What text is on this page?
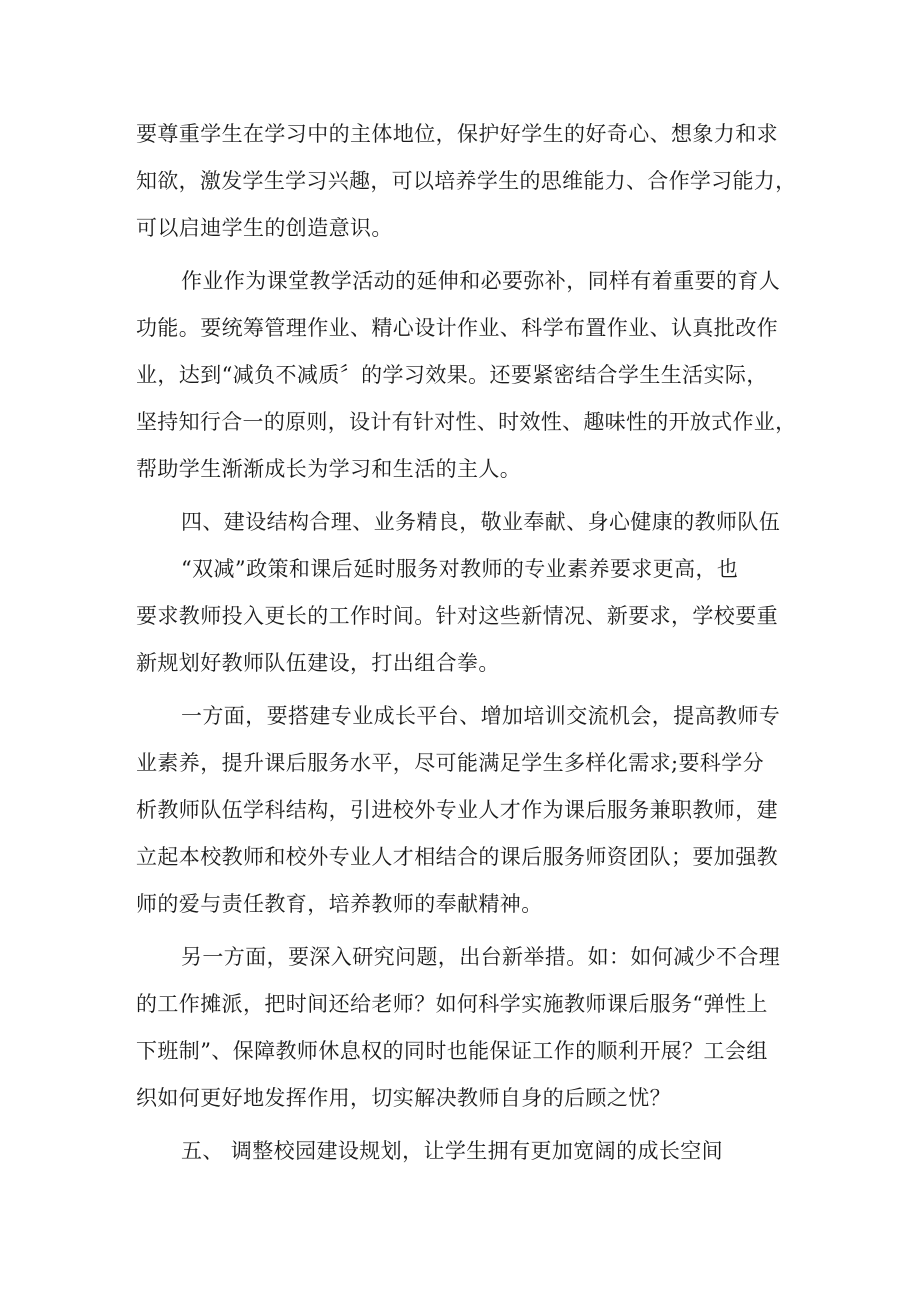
要尊重学生在学习中的主体地位，保护好学生的好奇心、想象力和求
知欲，激发学生学习兴趣，可以培养学生的思维能力、合作学习能力，
可以启迪学生的创造意识。
作业作为课堂教学活动的延伸和必要弥补，同样有着重要的育人
功能。要统筹管理作业、精心设计作业、科学布置作业、认真批改作
业，达到“减负不减质〞的学习效果。还要紧密结合学生生活实际，
坚持知行合一的原则，设计有针对性、时效性、趣味性的开放式作业，
帮助学生渐渐成长为学习和生活的主人。
四、建设结构合理、业务精良，敬业奉献、身心健康的教师队伍
“双减”政策和课后延时服务对教师的专业素养要求更高，也
要求教师投入更长的工作时间。针对这些新情况、新要求，学校要重
新规划好教师队伍建设，打出组合拳。
一方面，要搭建专业成长平台、增加培训交流机会，提高教师专
业素养，提升课后服务水平，尽可能满足学生多样化需求;要科学分
析教师队伍学科结构，引进校外专业人才作为课后服务兼职教师，建
立起本校教师和校外专业人才相结合的课后服务师资团队；要加强教
师的爱与责任教育，培养教师的奉献精神。
另一方面，要深入研究问题，出台新举措。如：如何减少不合理
的工作摊派，把时间还给老师？如何科学实施教师课后服务“弹性上
下班制”、保障教师休息权的同时也能保证工作的顺利开展？工会组
织如何更好地发挥作用，切实解决教师自身的后顾之忧？
五、 调整校园建设规划，让学生拥有更加宽阔的成长空间
